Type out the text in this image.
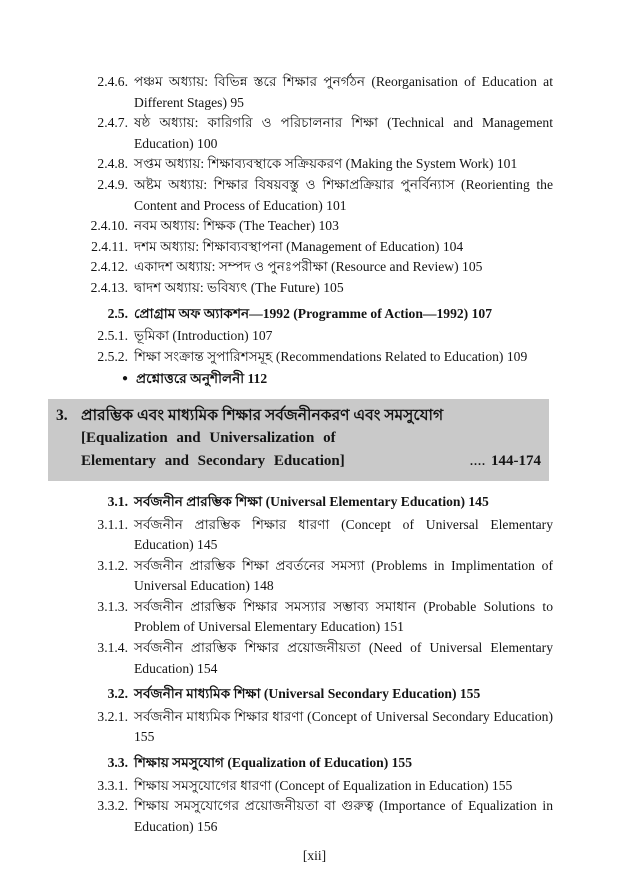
2.4.6. পঞ্চম অধ্যায়: বিভিন্ন স্তরে শিক্ষার পুনর্গঠন (Reorganisation of Education at Different Stages) 95
2.4.7. ষষ্ঠ অধ্যায়: কারিগরি ও পরিচালনার শিক্ষা (Technical and Management Education) 100
2.4.8. সপ্তম অধ্যায়: শিক্ষাব্যবস্থাকে সক্রিয়করণ (Making the System Work) 101
2.4.9. অষ্টম অধ্যায়: শিক্ষার বিষয়বস্তু ও শিক্ষাপ্রক্রিয়ার পুনর্বিন্যাস (Reorienting the Content and Process of Education) 101
2.4.10. নবম অধ্যায়: শিক্ষক (The Teacher) 103
2.4.11. দশম অধ্যায়: শিক্ষাব্যবস্থাপনা (Management of Education) 104
2.4.12. একাদশ অধ্যায়: সম্পদ ও পুনঃপরীক্ষা (Resource and Review) 105
2.4.13. দ্বাদশ অধ্যায়: ভবিষ্যৎ (The Future) 105
2.5. প্রোগ্রাম অফ অ্যাকশন—1992 (Programme of Action—1992) 107
2.5.1. ভূমিকা (Introduction) 107
2.5.2. শিক্ষা সংক্রান্ত সুপারিশসমূহ (Recommendations Related to Education) 109
● প্রশ্নোত্তরে অনুশীলনী 112
3. প্রারম্ভিক এবং মাধ্যমিক শিক্ষার সর্বজনীনকরণ এবং সমসুযোগ
[Equalization and Universalization of
Elementary and Secondary Education]	.... 144-174
3.1. সর্বজনীন প্রারম্ভিক শিক্ষা (Universal Elementary Education) 145
3.1.1. সর্বজনীন প্রারম্ভিক শিক্ষার ধারণা (Concept of Universal Elementary Education) 145
3.1.2. সর্বজনীন প্রারম্ভিক শিক্ষা প্রবর্তনের সমস্যা (Problems in Implimentation of Universal Education) 148
3.1.3. সর্বজনীন প্রারম্ভিক শিক্ষার সমস্যার সম্ভাব্য সমাধান (Probable Solutions to Problem of Universal Elementary Education) 151
3.1.4. সর্বজনীন প্রারম্ভিক শিক্ষার প্রয়োজনীয়তা (Need of Universal Elementary Education) 154
3.2. সর্বজনীন মাধ্যমিক শিক্ষা (Universal Secondary Education) 155
3.2.1. সর্বজনীন মাধ্যমিক শিক্ষার ধারণা (Concept of Universal Secondary Education) 155
3.3. শিক্ষায় সমসুযোগ (Equalization of Education) 155
3.3.1. শিক্ষায় সমসুযোগের ধারণা (Concept of Equalization in Education) 155
3.3.2. শিক্ষায় সমসুযোগের প্রয়োজনীয়তা বা গুরুত্ব (Importance of Equalization in Education) 156
[xii]
